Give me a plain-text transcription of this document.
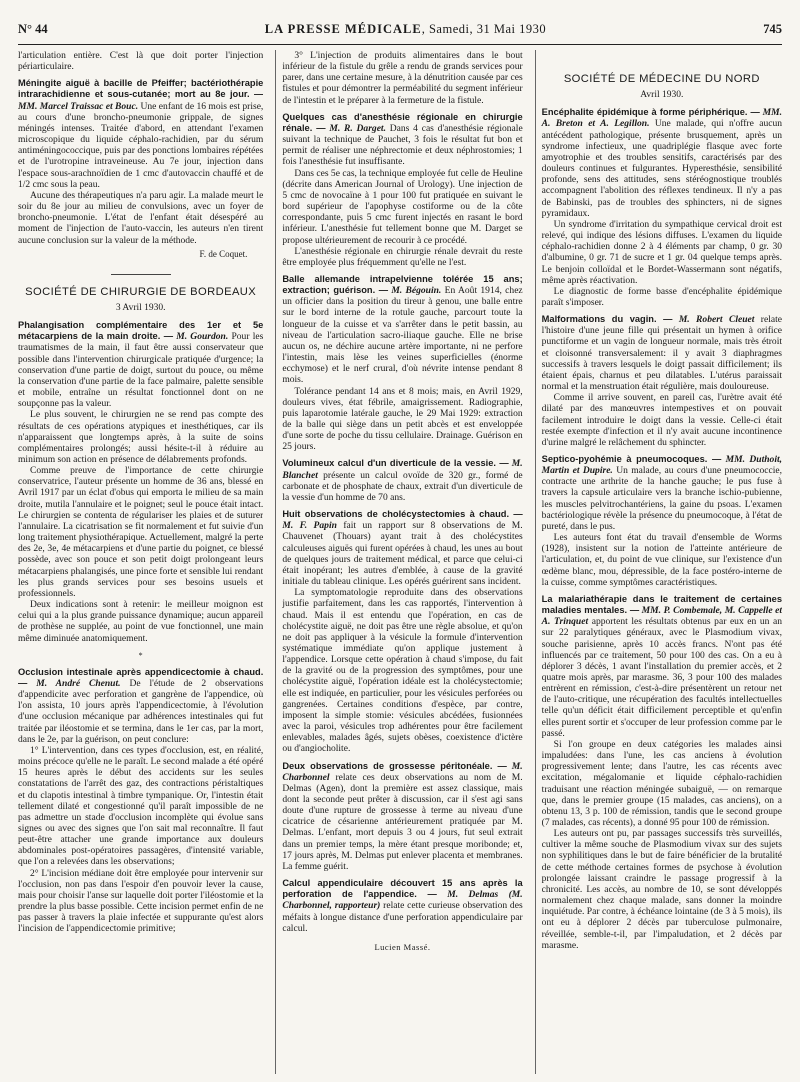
N° 44	LA PRESSE MÉDICALE, Samedi, 31 Mai 1930	745

l'articulation entière. C'est là que doit porter l'injection périarticulaire.

Méningite aiguë à bacille de Pfeiffer; bactériothérapie intrarachidienne et sous-cutanée; mort au 8e jour. — MM. Marcel Traissac et Bouc. Une enfant de 16 mois est prise, au cours d'une broncho-pneumonie grippale, de signes méningés intenses. Traitée d'abord, en attendant l'examen microscopique du liquide céphalo-rachidien, par du sérum antiméningococcique, puis par des ponctions lombaires répétées et de l'urotropine intraveineuse. Au 7e jour, injection dans l'espace sous-arachnoïdien de 1 cmc d'autovaccin chauffé et de 1/2 cmc sous la peau.

Aucune des thérapeutiques n'a paru agir. La malade meurt le soir du 8e jour au milieu de convulsions, avec un foyer de broncho-pneumonie. L'état de l'enfant était désespéré au moment de l'injection de l'auto-vaccin, les auteurs n'en tirent aucune conclusion sur la valeur de la méthode.

F. de Coquet.
SOCIÉTÉ DE CHIRURGIE DE BORDEAUX
3 Avril 1930.

Phalangisation complémentaire des 1er et 5e métacarpiens de la main droite. — M. Gourdon. Pour les traumatismes de la main, il faut être aussi conservateur que possible dans l'intervention chirurgicale pratiquée d'urgence; la conservation d'une partie de doigt, surtout du pouce, ou même la conservation d'une partie de la face palmaire, palette sensible et mobile, entraîne un résultat fonctionnel dont on ne soupçonne pas la valeur.

Le plus souvent, le chirurgien ne se rend pas compte des résultats de ces opérations atypiques et inesthétiques, car ils n'apparaissent que longtemps après, à la suite de soins complémentaires prolongés; aussi hésite-t-il à réduire au minimum son action en présence de délabrements profonds.

Comme preuve de l'importance de cette chirurgie conservatrice, l'auteur présente un homme de 36 ans, blessé en Avril 1917 par un éclat d'obus qui emporta le milieu de sa main droite, mutila l'annulaire et le poignet; seul le pouce était intact. Le chirurgien se contenta de régulariser les plaies et de suturer l'annulaire. La cicatrisation se fit normalement et fut suivie d'un long traitement physiothérapique. Actuellement, malgré la perte des 2e, 3e, 4e métacarpiens et d'une partie du poignet, ce blessé possède, avec son pouce et son petit doigt prolongeant leurs métacarpiens phalangisés, une pince forte et sensible lui rendant les plus grands services pour ses besoins usuels et professionnels.

Deux indications sont à retenir: le meilleur moignon est celui qui a la plus grande puissance dynamique; aucun appareil de prothèse ne supplée, au point de vue fonctionnel, une main même diminuée anatomiquement.

*

Occlusion intestinale après appendicectomie à chaud. — M. André Chenut. De l'étude de 2 observations d'appendicite avec perforation et gangrène de l'appendice, où l'on assista, 10 jours après l'appendicectomie, à l'évolution d'une occlusion mécanique par adhérences intestinales qui fut traitée par iléostomie et se termina, dans le 1er cas, par la mort, dans le 2e, par la guérison, on peut conclure:

1° L'intervention, dans ces types d'occlusion, est, en réalité, moins précoce qu'elle ne le paraît. Le second malade a été opéré 15 heures après le début des accidents sur les seules constatations de l'arrêt des gaz, des contractions péristaltiques et du clapotis intestinal à timbre tympanique. Or, l'intestin était tellement dilaté et congestionné qu'il paraît impossible de ne pas admettre un stade d'occlusion incomplète qui évolue sans signes ou avec des signes que l'on sait mal reconnaître. Il faut peut-être attacher une grande importance aux douleurs abdominales post-opératoires passagères, d'intensité variable, que l'on a relevées dans les observations;

2° L'incision médiane doit être employée pour intervenir sur l'occlusion, non pas dans l'espoir d'en pouvoir lever la cause, mais pour choisir l'anse sur laquelle doit porter l'iléostomie et la prendre la plus basse possible. Cette incision permet enfin de ne pas passer à travers la plaie infectée et suppurante qu'est alors l'incision de l'appendicectomie primitive;

3° L'injection de produits alimentaires dans le bout inférieur de la fistule du grêle a rendu de grands services pour parer, dans une certaine mesure, à la dénutrition causée par ces fistules et pour démontrer la perméabilité du segment inférieur de l'intestin et le préparer à la fermeture de la fistule.

Quelques cas d'anesthésie régionale en chirurgie rénale. — M. R. Darget. Dans 4 cas d'anesthésie régionale suivant la technique de Pauchet, 3 fois le résultat fut bon et permit de réaliser une néphrectomie et deux néphrostomies; 1 fois l'anesthésie fut insuffisante.

Dans ces 5e cas, la technique employée fut celle de Heuline (décrite dans American Journal of Urology). Une injection de 5 cmc de novocaïne à 1 pour 100 fut pratiquée en suivant le bord supérieur de l'apophyse costiforme ou de la côte correspondante, puis 5 cmc furent injectés en rasant le bord inférieur. L'anesthésie fut tellement bonne que M. Darget se propose ultérieurement de recourir à ce procédé.

L'anesthésie régionale en chirurgie rénale devrait du reste être employée plus fréquemment qu'elle ne l'est.

Balle allemande intrapelvienne tolérée 15 ans; extraction; guérison. — M. Bégouin. En Août 1914, chez un officier dans la position du tireur à genou, une balle entre sur le bord interne de la rotule gauche, parcourt toute la longueur de la cuisse et va s'arrêter dans le petit bassin, au niveau de l'articulation sacro-iliaque gauche. Elle ne brise aucun os, ne déchire aucune artère importante, ni ne perfore l'intestin, mais lèse les veines superficielles (énorme ecchymose) et le nerf crural, d'où névrite intense pendant 8 mois.

Tolérance pendant 14 ans et 8 mois; mais, en Avril 1929, douleurs vives, état fébrile, amaigrissement. Radiographie, puis laparotomie latérale gauche, le 29 Mai 1929: extraction de la balle qui siège dans un petit abcès et est enveloppée d'une sorte de poche du tissu cellulaire. Drainage. Guérison en 25 jours.

Volumineux calcul d'un diverticule de la vessie. — M. Blanchet présente un calcul ovoïde de 320 gr., formé de carbonate et de phosphate de chaux, extrait d'un diverticule de la vessie d'un homme de 70 ans.

Huit observations de cholécystectomies à chaud. — M. F. Papin fait un rapport sur 8 observations de M. Chauvenet (Thouars) ayant trait à des cholécystites calculeuses aiguës qui furent opérées à chaud, les unes au bout de quelques jours de traitement médical, et parce que celui-ci était inopérant; les autres d'emblée, à cause de la gravité initiale du tableau clinique. Les opérés guérirent sans incident.

La symptomatologie reproduite dans des observations justifie parfaitement, dans les cas rapportés, l'intervention à chaud. Mais il est entendu que l'opération, en cas de cholécystite aiguë, ne doit pas être une règle absolue, et qu'on ne doit pas appliquer à la vésicule la formule d'intervention systématique immédiate qu'on applique justement à l'appendice. Lorsque cette opération à chaud s'impose, du fait de la gravité ou de la progression des symptômes, pour une cholécystite aiguë, l'opération idéale est la cholécystectomie; elle est indiquée, en particulier, pour les vésicules perforées ou gangrenées. Certaines conditions d'espèce, par contre, imposent la simple stomie: vésicules abcédées, fusionnées avec la paroi, vésicules trop adhérentes pour être facilement enlevables, malades âgés, sujets obèses, coexistence d'ictère ou d'angiocholite.

Deux observations de grossesse péritonéale. — M. Charbonnel relate ces deux observations au nom de M. Delmas (Agen), dont la première est assez classique, mais dont la seconde peut prêter à discussion, car il s'est agi sans doute d'une rupture de grossesse à terme au niveau d'une cicatrice de césarienne antérieurement pratiquée par M. Delmas. L'enfant, mort depuis 3 ou 4 jours, fut seul extrait dans un premier temps, la mère étant presque moribonde; et, 17 jours après, M. Delmas put enlever placenta et membranes. La femme guérit.

Calcul appendiculaire découvert 15 ans après la perforation de l'appendice. — M. Delmas (M. Charbonnel, rapporteur) relate cette curieuse observation des méfaits à longue distance d'une perforation appendiculaire par calcul.

Lucien Massé.
SOCIÉTÉ DE MÉDECINE DU NORD
Avril 1930.

Encéphalite épidémique à forme périphérique. — MM. A. Breton et A. Legillon. Une malade, qui n'offre aucun antécédent pathologique, présente brusquement, après un syndrome infectieux, une quadriplégie flasque avec forte amyotrophie et des troubles sensitifs, caractérisés par des douleurs continues et fulgurantes. Hyperesthésie, sensibilité profonde, sens des attitudes, sens stéréognostique troublés accompagnent l'abolition des réflexes tendineux. Il n'y a pas de Babinski, pas de troubles des sphincters, ni de signes pyramidaux.

Un syndrome d'irritation du sympathique cervical droit est relevé, qui indique des lésions diffuses. L'examen du liquide céphalo-rachidien donne 2 à 4 éléments par champ, 0 gr. 30 d'albumine, 0 gr. 71 de sucre et 1 gr. 04 quelque temps après. Le benjoin colloïdal et le Bordet-Wassermann sont négatifs, même après réactivation.

Le diagnostic de forme basse d'encéphalite épidémique paraît s'imposer.

Malformations du vagin. — M. Robert Cleuet relate l'histoire d'une jeune fille qui présentait un hymen à orifice punctiforme et un vagin de longueur normale, mais très étroit et cloisonné transversalement: il y avait 3 diaphragmes successifs à travers lesquels le doigt passait difficilement; ils étaient épais, charnus et peu dilatables. L'utérus paraissait normal et la menstruation était régulière, mais douloureuse.

Comme il arrive souvent, en pareil cas, l'urètre avait été dilaté par des manœuvres intempestives et on pouvait facilement introduire le doigt dans la vessie. Celle-ci était restée exempte d'infection et il n'y avait aucune incontinence d'urine malgré le relâchement du sphincter.

Septico-pyohémie à pneumocoques. — MM. Duthoit, Martin et Dupire. Un malade, au cours d'une pneumococcie, contracte une arthrite de la hanche gauche; le pus fuse à travers la capsule articulaire vers la branche ischio-pubienne, les muscles pelvitrochantériens, la gaine du psoas. L'examen bactériologique révèle la présence du pneumocoque, à l'état de pureté, dans le pus.

Les auteurs font état du travail d'ensemble de Worms (1928), insistent sur la notion de l'atteinte antérieure de l'articulation, et, du point de vue clinique, sur l'existence d'un œdème blanc, mou, dépressible, de la face postéro-interne de la cuisse, comme symptômes caractéristiques.

La malariathérapie dans le traitement de certaines maladies mentales. — MM. P. Combemale, M. Cappelle et A. Trinquet apportent les résultats obtenus par eux en un an sur 22 paralytiques généraux, avec le Plasmodium vivax, souche parisienne, après 10 accès francs. N'ont pas été influencés par ce traitement, 50 pour 100 des cas. On a eu à déplorer 3 décès, 1 avant l'installation du premier accès, et 2 quatre mois après, par marasme. 36, 3 pour 100 des malades entrèrent en rémission, c'est-à-dire présentèrent un retour net de l'auto-critique, une récupération des facultés intellectuelles telle qu'un déficit était difficilement perceptible et qu'enfin elles purent sortir et s'occuper de leur profession comme par le passé.

Si l'on groupe en deux catégories les malades ainsi impaludées: dans l'une, les cas anciens à évolution progressivement lente; dans l'autre, les cas récents avec excitation, mégalomanie et liquide céphalo-rachidien traduisant une réaction méningée subaiguë, — on remarque que, dans le premier groupe (15 malades, cas anciens), on a obtenu 13, 3 p. 100 de rémission, tandis que le second groupe (7 malades, cas récents), a donné 95 pour 100 de rémission.

Les auteurs ont pu, par passages successifs très surveillés, cultiver la même souche de Plasmodium vivax sur des sujets non syphilitiques dans le but de faire bénéficier de la brutalité de cette méthode certaines formes de psychose à évolution prolongée laissant craindre le passage progressif à la chronicité. Les accès, au nombre de 10, se sont développés normalement chez chaque malade, sans donner la moindre inquiétude. Par contre, à échéance lointaine (de 3 à 5 mois), ils ont eu à déplorer 2 décès par tuberculose pulmonaire, réveillée, semble-t-il, par l'impaludation, et 2 décès par marasme.
